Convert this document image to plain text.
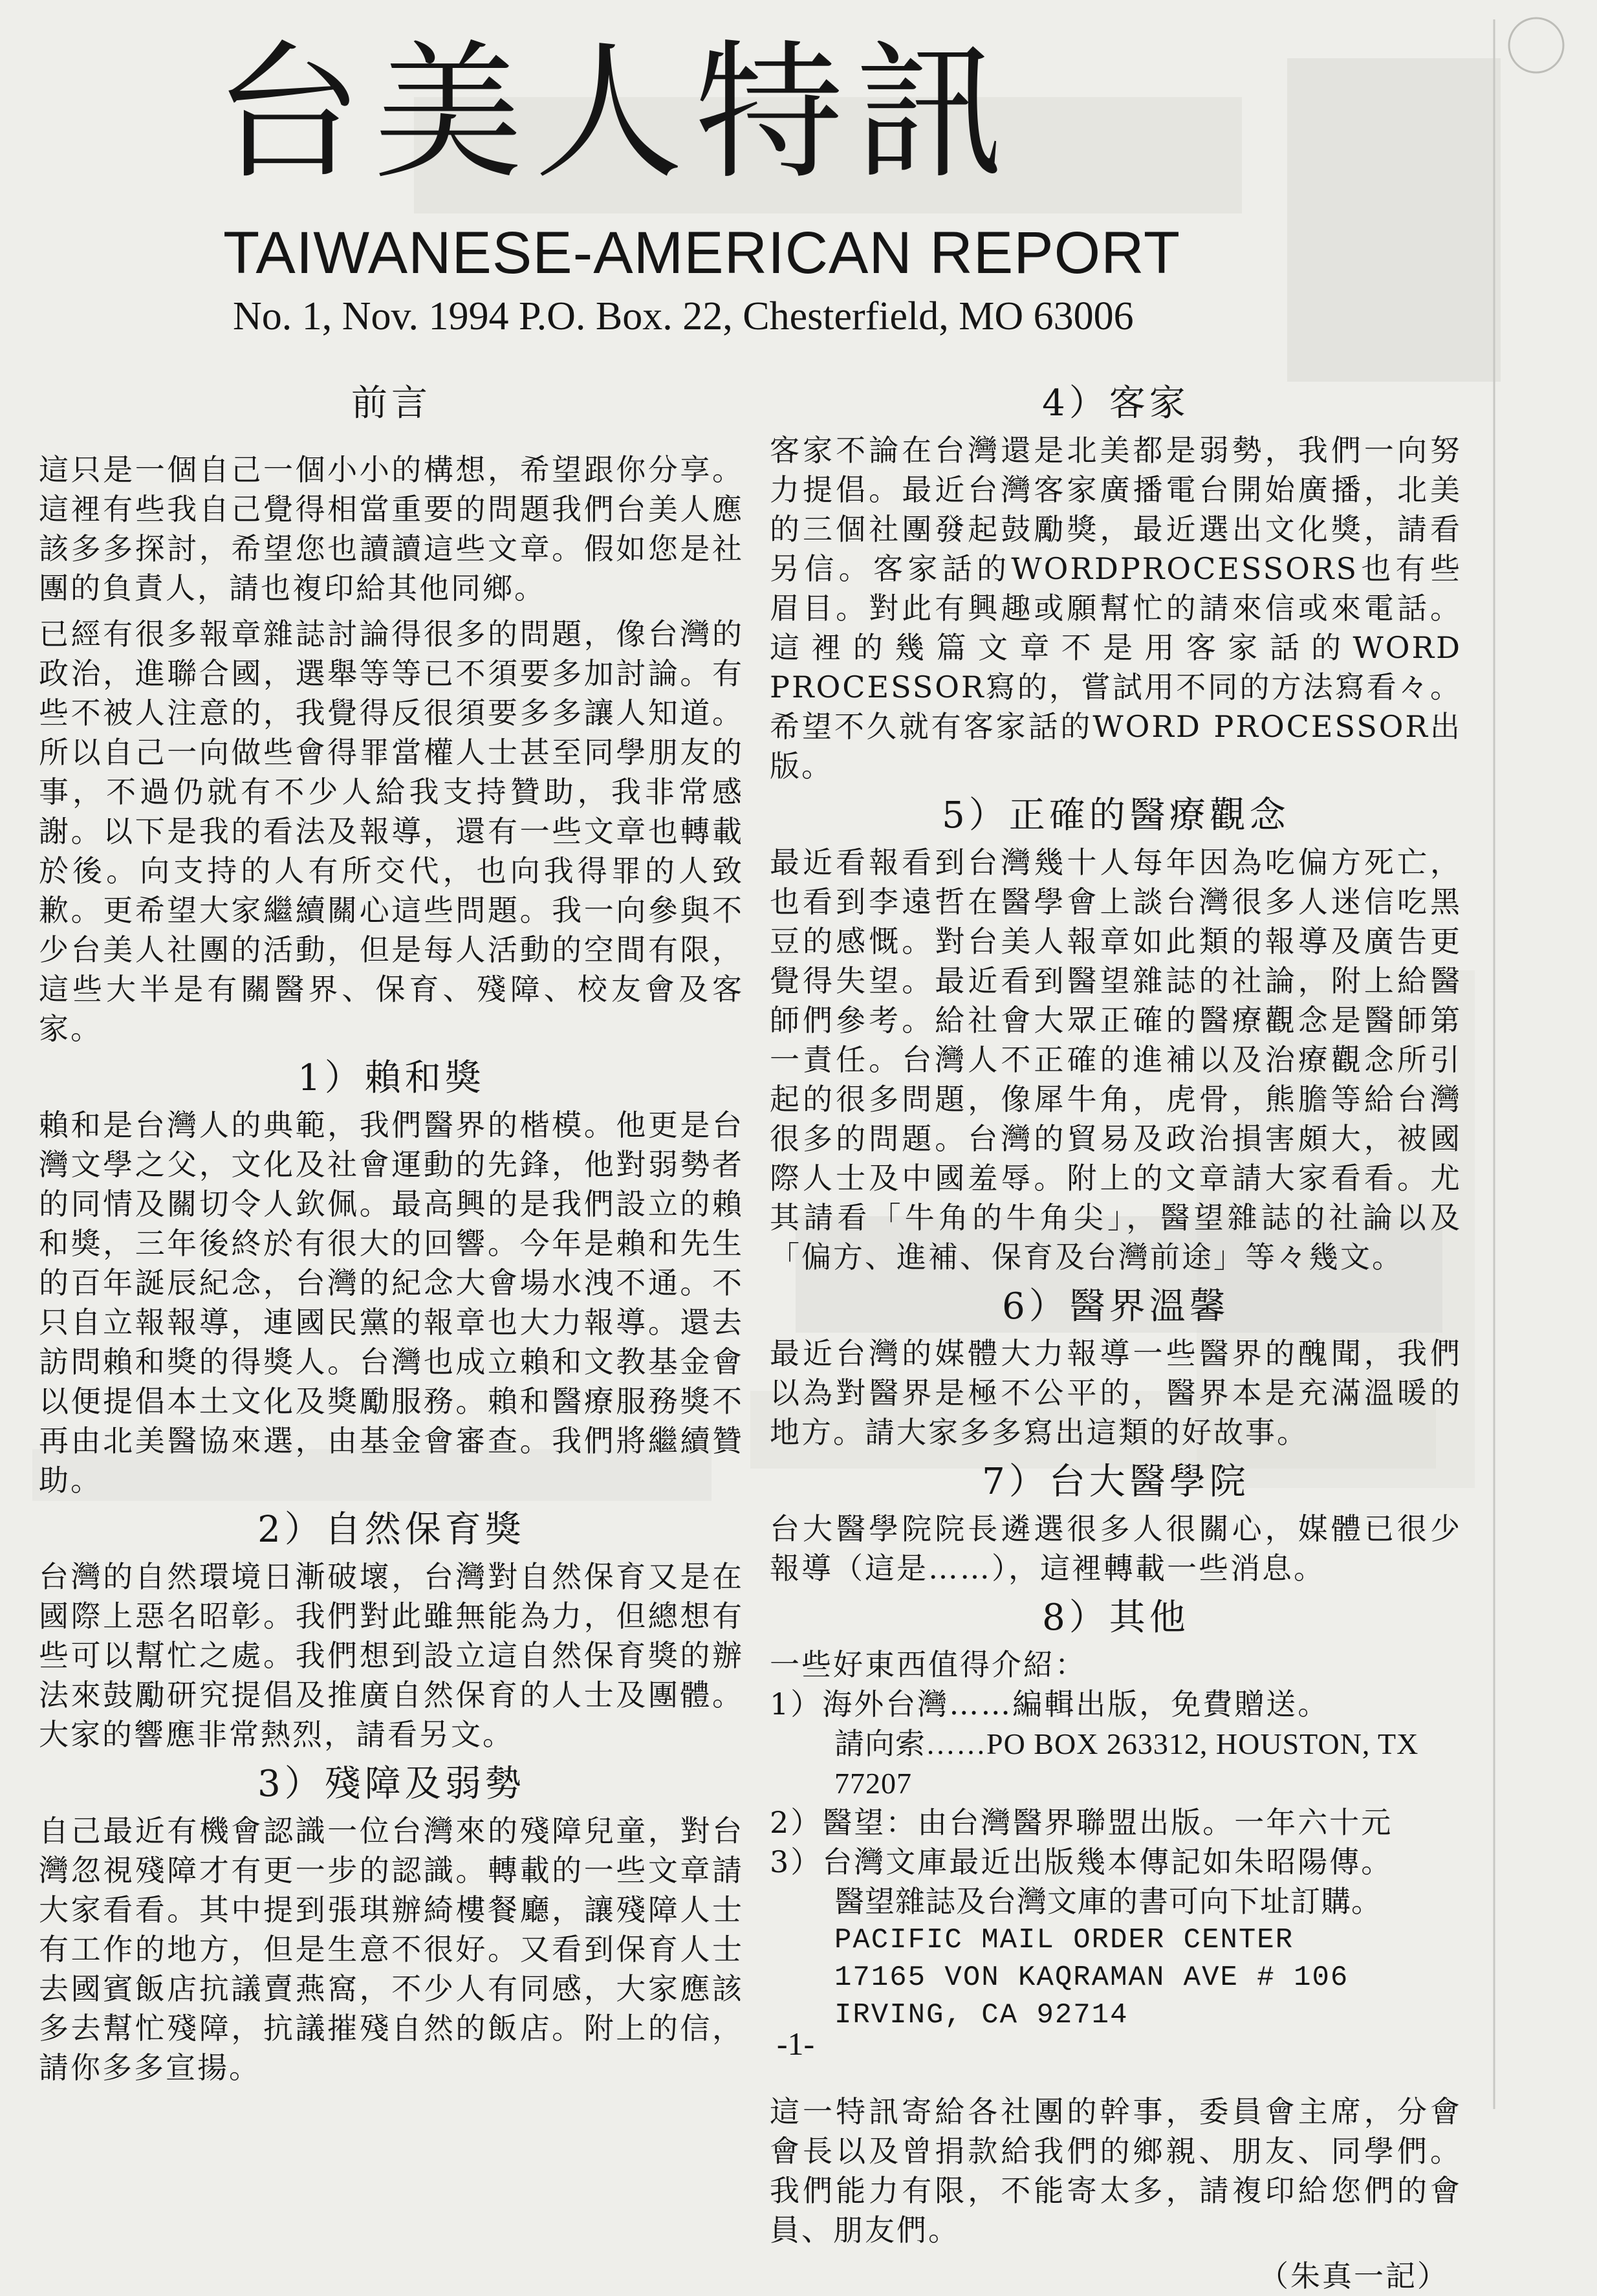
台美人特訊
TAIWANESE-AMERICAN REPORT
No. 1, Nov. 1994 P.O. Box. 22, Chesterfield, MO 63006
前言

這只是一個自己一個小小的構想，希望跟你分享。這裡有些我自己覺得相當重要的問題我們台美人應該多多探討，希望您也讀讀這些文章。假如您是社團的負責人，請也複印給其他同鄉。

已經有很多報章雜誌討論得很多的問題，像台灣的政治，進聯合國，選舉等等已不須要多加討論。有些不被人注意的，我覺得反很須要多多讓人知道。所以自己一向做些會得罪當權人士甚至同學朋友的事，不過仍就有不少人給我支持贊助，我非常感謝。以下是我的看法及報導，還有一些文章也轉載於後。向支持的人有所交代，也向我得罪的人致歉。更希望大家繼續關心這些問題。我一向參與不少台美人社團的活動，但是每人活動的空間有限，這些大半是有關醫界、保育、殘障、校友會及客家。

1）賴和獎

賴和是台灣人的典範，我們醫界的楷模。他更是台灣文學之父，文化及社會運動的先鋒，他對弱勢者的同情及關切令人欽佩。最高興的是我們設立的賴和獎，三年後終於有很大的回響。今年是賴和先生的百年誕辰紀念，台灣的紀念大會場水洩不通。不只自立報報導，連國民黨的報章也大力報導。還去訪問賴和獎的得獎人。台灣也成立賴和文教基金會以便提倡本土文化及獎勵服務。賴和醫療服務獎不再由北美醫協來選，由基金會審查。我們將繼續贊助。

2）自然保育獎

台灣的自然環境日漸破壞，台灣對自然保育又是在國際上惡名昭彰。我們對此雖無能為力，但總想有些可以幫忙之處。我們想到設立這自然保育獎的辦法來鼓勵研究提倡及推廣自然保育的人士及團體。大家的響應非常熱烈，請看另文。

3）殘障及弱勢

自己最近有機會認識一位台灣來的殘障兒童，對台灣忽視殘障才有更一步的認識。轉載的一些文章請大家看看。其中提到張琪辦綺樓餐廳，讓殘障人士有工作的地方，但是生意不很好。又看到保育人士去國賓飯店抗議賣燕窩，不少人有同感，大家應該多去幫忙殘障，抗議摧殘自然的飯店。附上的信，請你多多宣揚。

4）客家

客家不論在台灣還是北美都是弱勢，我們一向努力提倡。最近台灣客家廣播電台開始廣播，北美的三個社團發起鼓勵獎，最近選出文化獎，請看另信。客家話的WORDPROCESSORS也有些眉目。對此有興趣或願幫忙的請來信或來電話。這裡的幾篇文章不是用客家話的WORD PROCESSOR寫的，嘗試用不同的方法寫看々。希望不久就有客家話的WORD PROCESSOR出版。

5）正確的醫療觀念

最近看報看到台灣幾十人每年因為吃偏方死亡，也看到李遠哲在醫學會上談台灣很多人迷信吃黑豆的感慨。對台美人報章如此類的報導及廣告更覺得失望。最近看到醫望雜誌的社論，附上給醫師們參考。給社會大眾正確的醫療觀念是醫師第一責任。台灣人不正確的進補以及治療觀念所引起的很多問題，像犀牛角，虎骨，熊膽等給台灣很多的問題。台灣的貿易及政治損害頗大，被國際人士及中國羞辱。附上的文章請大家看看。尤其請看「牛角的牛角尖」，醫望雜誌的社論以及「偏方、進補、保育及台灣前途」等々幾文。

6）醫界溫馨

最近台灣的媒體大力報導一些醫界的醜聞，我們以為對醫界是極不公平的，醫界本是充滿溫暖的地方。請大家多多寫出這類的好故事。

7）台大醫學院

台大醫學院院長遴選很多人很關心，媒體已很少報導（這是……），這裡轉載一些消息。

8）其他

一些好東西值得介紹：

1）海外台灣……編輯出版，免費贈送。

請向索……PO BOX 263312, HOUSTON, TX 77207

2）醫望：由台灣醫界聯盟出版。一年六十元

3）台灣文庫最近出版幾本傳記如朱昭陽傳。

醫望雜誌及台灣文庫的書可向下址訂購。

PACIFIC MAIL ORDER CENTER
17165 VON KAQRAMAN AVE # 106
IRVING, CA 92714

這一特訊寄給各社團的幹事，委員會主席，分會會長以及曾捐款給我們的鄉親、朋友、同學們。我們能力有限，不能寄太多，請複印給您們的會員、朋友們。

（朱真一記）
-1-
